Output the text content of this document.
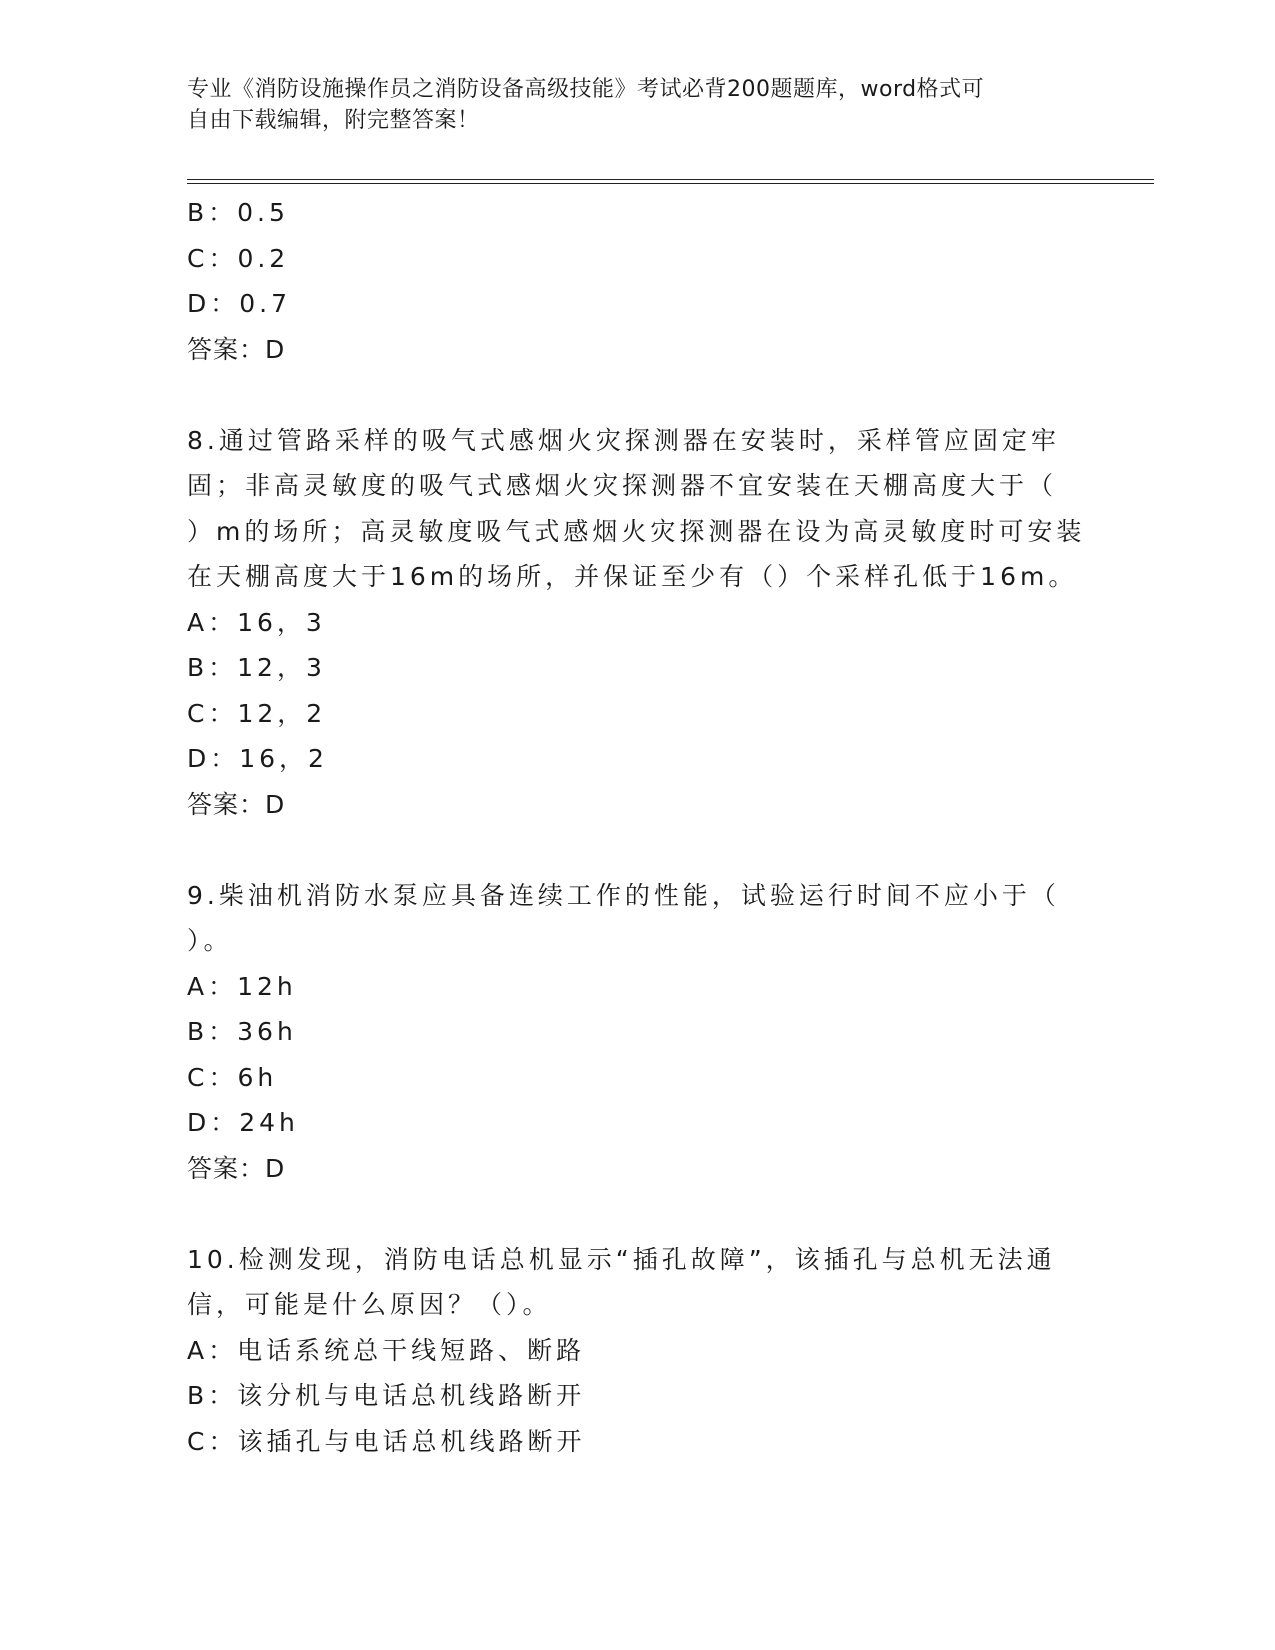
专业《消防设施操作员之消防设备高级技能》考试必背200题题库，word格式可
自由下载编辑，附完整答案！
B：0.5
C：0.2
D：0.7
答案：D
8.通过管路采样的吸气式感烟火灾探测器在安装时，采样管应固定牢
固；非高灵敏度的吸气式感烟火灾探测器不宜安装在天棚高度大于（
）m的场所；高灵敏度吸气式感烟火灾探测器在设为高灵敏度时可安装
在天棚高度大于16m的场所，并保证至少有（）个采样孔低于16m。
A：16，3
B：12，3
C：12，2
D：16，2
答案：D
9.柴油机消防水泵应具备连续工作的性能，试验运行时间不应小于（
）。
A：12h
B：36h
C：6h
D：24h
答案：D
10.检测发现，消防电话总机显示“插孔故障”，该插孔与总机无法通
信，可能是什么原因？（）。
A：电话系统总干线短路、断路
B：该分机与电话总机线路断开
C：该插孔与电话总机线路断开
